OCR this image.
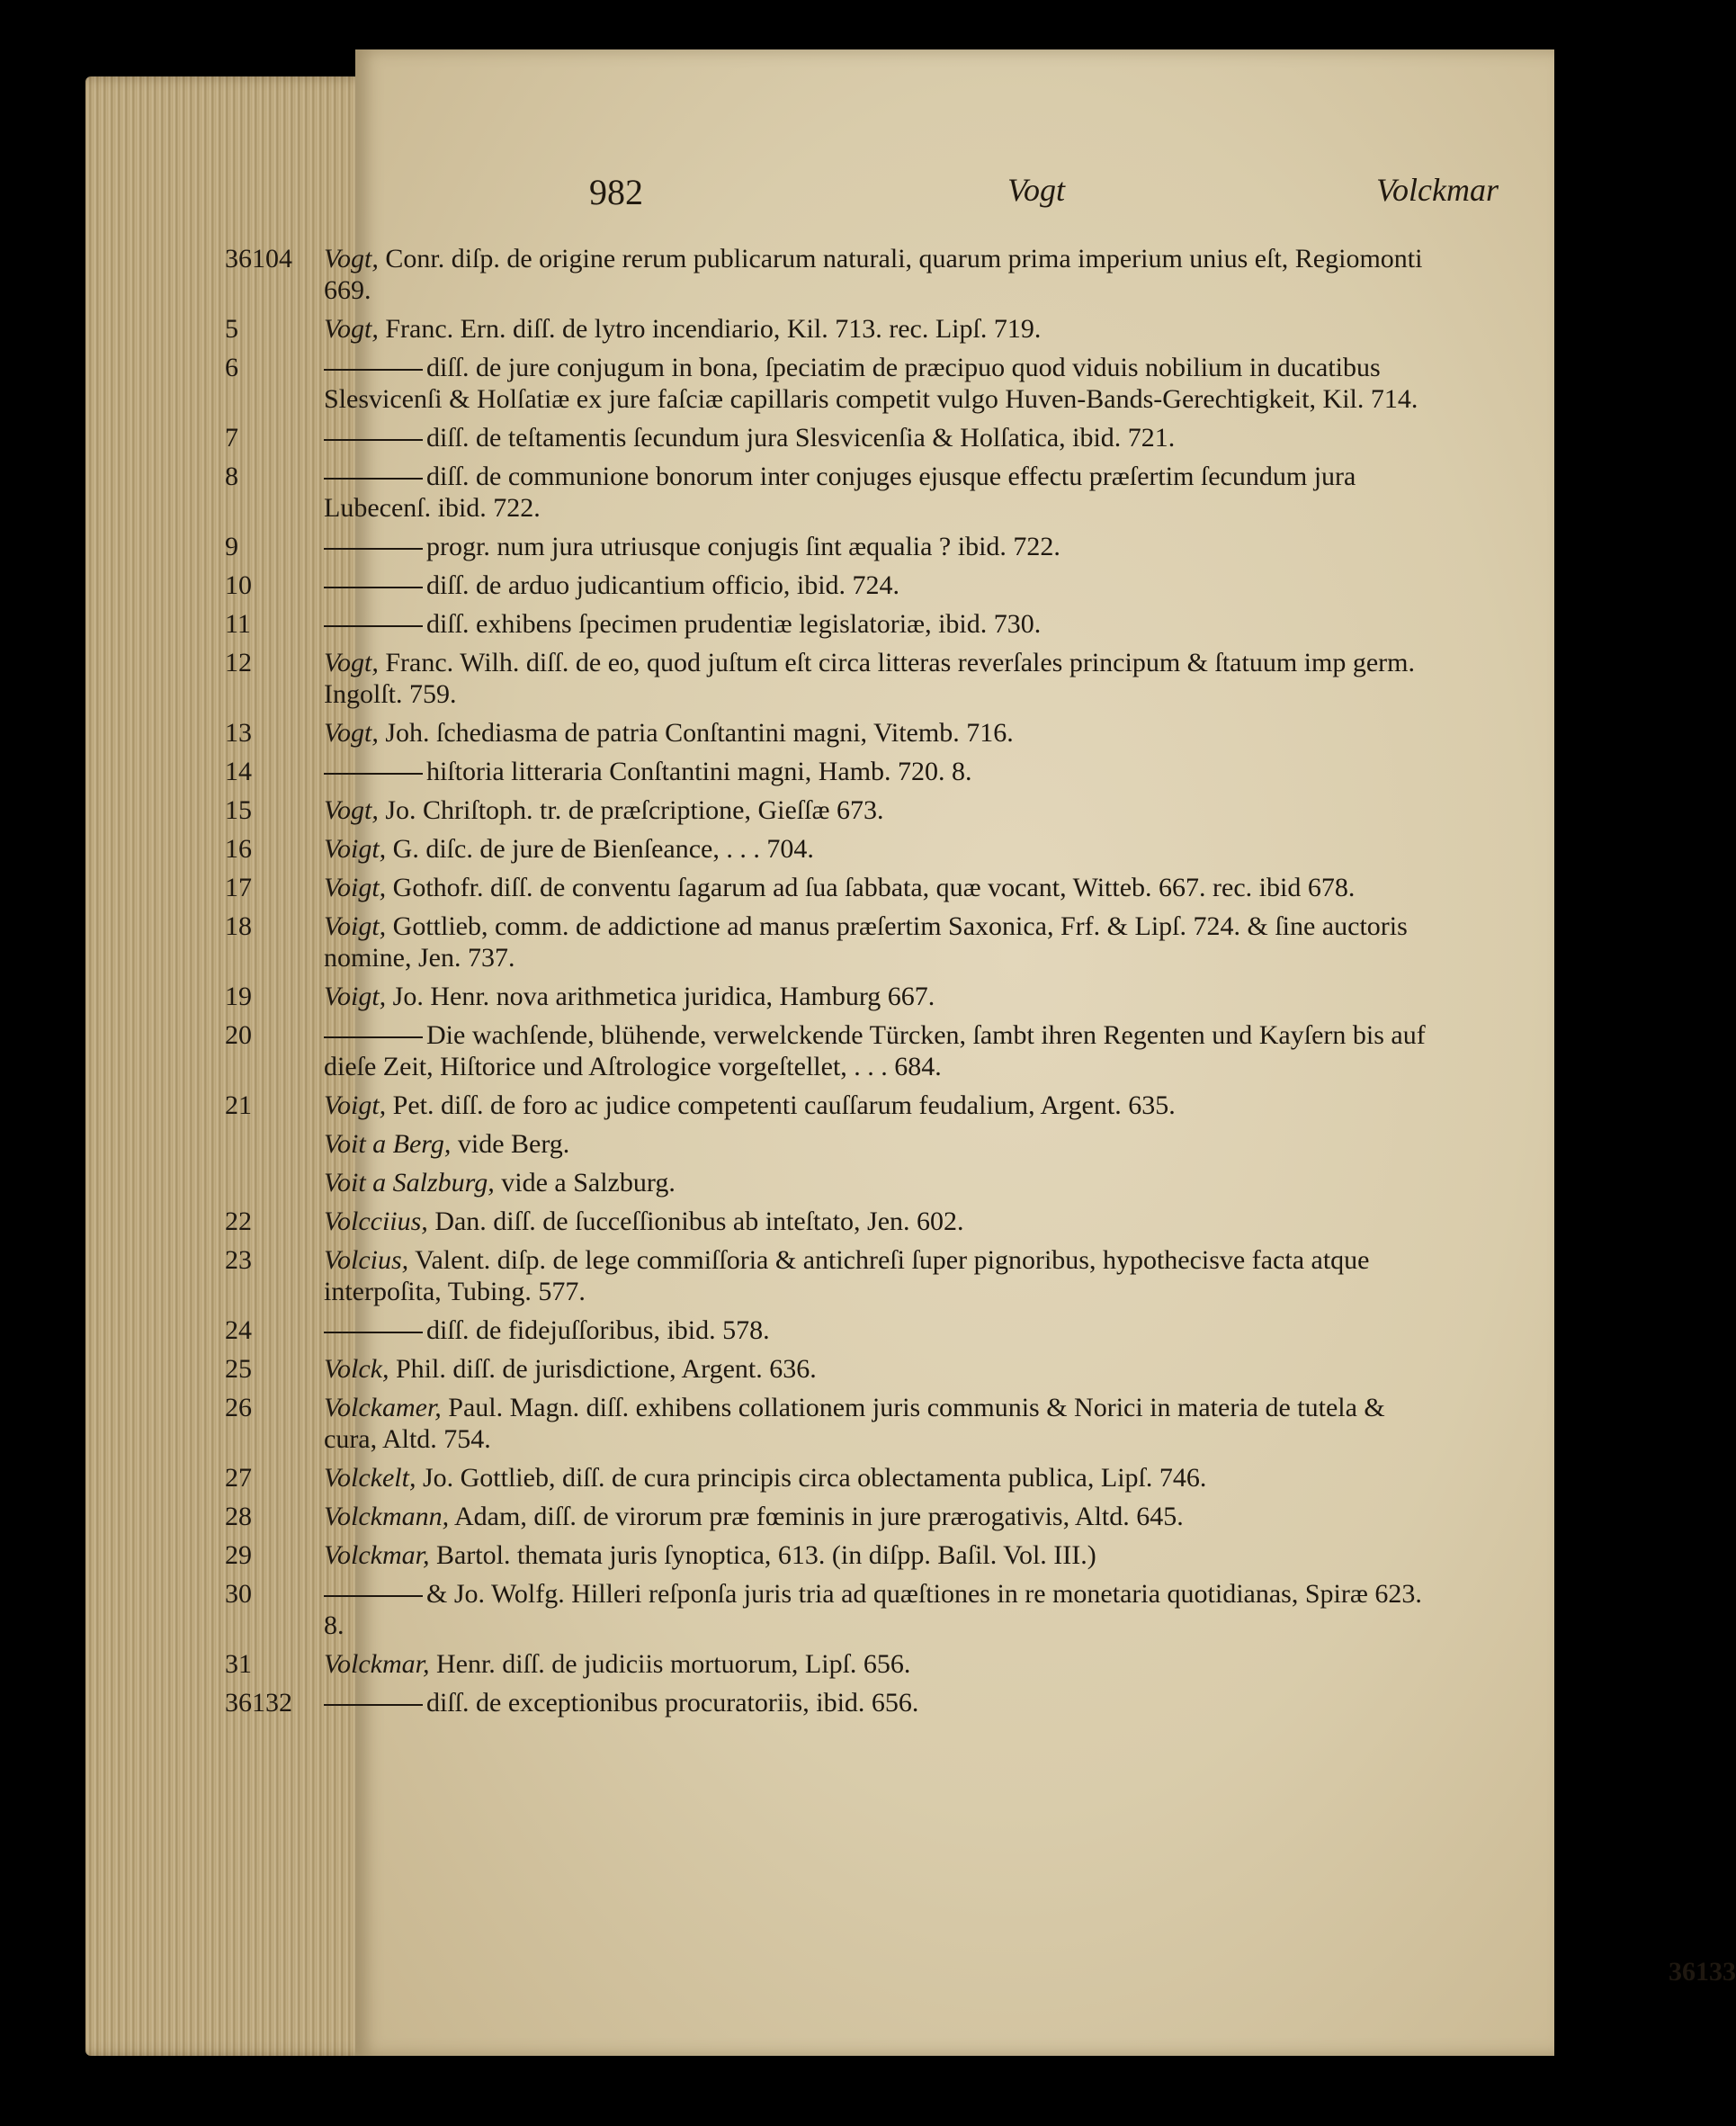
982	Vogt	Volckmar
36133
36104	Vogt, Conr. diſp. de origine rerum publicarum naturali, quarum prima imperium unius eſt, Regiomonti 669.
5	Vogt, Franc. Ern. diſſ. de lytro incendiario, Kil. 713. rec. Lipſ. 719.
6	diſſ. de jure conjugum in bona, ſpeciatim de præcipuo quod viduis nobilium in ducatibus Slesvicenſi & Holſatiæ ex jure faſciæ capillaris competit vulgo Huven-Bands-Gerechtigkeit, Kil. 714.
7	diſſ. de teſtamentis ſecundum jura Slesvicenſia & Holſatica, ibid. 721.
8	diſſ. de communione bonorum inter conjuges ejusque effectu præſertim ſecundum jura Lubecenſ. ibid. 722.
9	progr. num jura utriusque conjugis ſint æqualia ? ibid. 722.
10	diſſ. de arduo judicantium officio, ibid. 724.
11	diſſ. exhibens ſpecimen prudentiæ legislatoriæ, ibid. 730.
12	Vogt, Franc. Wilh. diſſ. de eo, quod juſtum eſt circa litteras reverſales principum & ſtatuum imp germ. Ingolſt. 759.
13	Vogt, Joh. ſchediasma de patria Conſtantini magni, Vitemb. 716.
14	hiſtoria litteraria Conſtantini magni, Hamb. 720. 8.
15	Vogt, Jo. Chriſtoph. tr. de præſcriptione, Gieſſæ 673.
16	Voigt, G. diſc. de jure de Bienſeance, . . . 704.
17	Voigt, Gothofr. diſſ. de conventu ſagarum ad ſua ſabbata, quæ vocant, Witteb. 667. rec. ibid 678.
18	Voigt, Gottlieb, comm. de addictione ad manus præſertim Saxonica, Frf. & Lipſ. 724. & ſine auctoris nomine, Jen. 737.
19	Voigt, Jo. Henr. nova arithmetica juridica, Hamburg 667.
20	Die wachſende, blühende, verwelckende Türcken, ſambt ihren Regenten und Kayſern bis auf dieſe Zeit, Hiſtorice und Aſtrologice vorgeſtellet, . . . 684.
21	Voigt, Pet. diſſ. de foro ac judice competenti cauſſarum feudalium, Argent. 635.
Voit a Berg, vide Berg.
Voit a Salzburg, vide a Salzburg.
22	Volcciius, Dan. diſſ. de ſucceſſionibus ab inteſtato, Jen. 602.
23	Volcius, Valent. diſp. de lege commiſſoria & antichreſi ſuper pignoribus, hypothecisve facta atque interpoſita, Tubing. 577.
24	diſſ. de fidejuſſoribus, ibid. 578.
25	Volck, Phil. diſſ. de jurisdictione, Argent. 636.
26	Volckamer, Paul. Magn. diſſ. exhibens collationem juris communis & Norici in materia de tutela & cura, Altd. 754.
27	Volckelt, Jo. Gottlieb, diſſ. de cura principis circa oblectamenta publica, Lipſ. 746.
28	Volckmann, Adam, diſſ. de virorum præ fœminis in jure prærogativis, Altd. 645.
29	Volckmar, Bartol. themata juris ſynoptica, 613. (in diſpp. Baſil. Vol. III.)
30	& Jo. Wolfg. Hilleri reſponſa juris tria ad quæſtiones in re monetaria quotidianas, Spiræ 623. 8.
31	Volckmar, Henr. diſſ. de judiciis mortuorum, Lipſ. 656.
36132	diſſ. de exceptionibus procuratoriis, ibid. 656.
